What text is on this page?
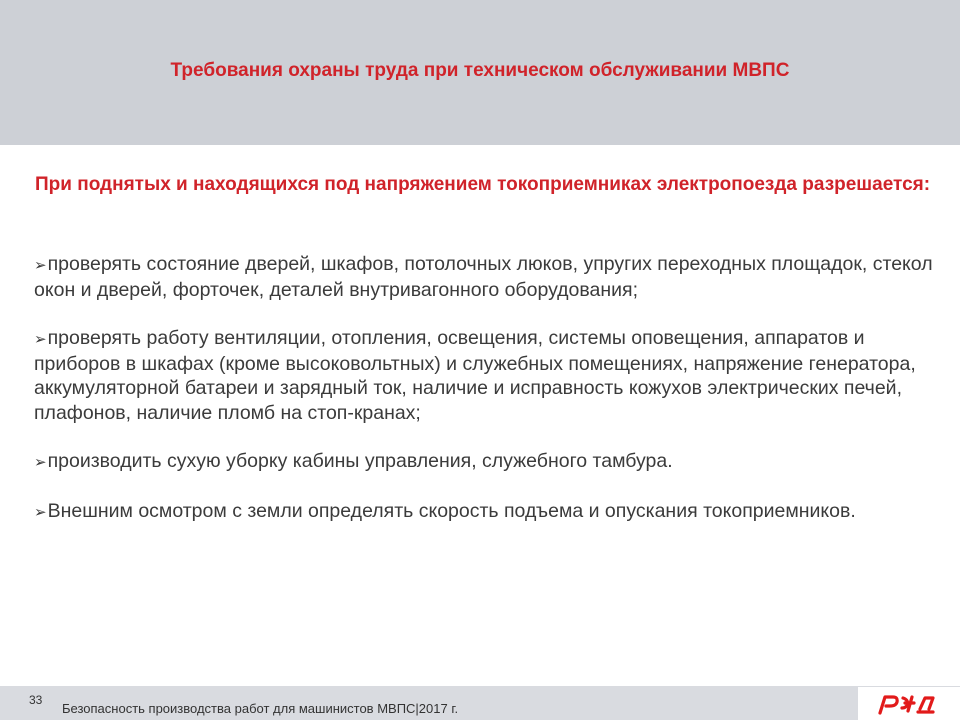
Требования охраны труда при техническом обслуживании МВПС
При поднятых и находящихся под напряжением токоприемниках электропоезда разрешается:
➢проверять состояние дверей, шкафов, потолочных люков, упругих переходных площадок, стекол окон и дверей, форточек, деталей внутривагонного оборудования;
➢проверять работу вентиляции, отопления, освещения, системы оповещения, аппаратов и приборов в шкафах (кроме высоковольтных) и служебных помещениях, напряжение генератора, аккумуляторной батареи и зарядный ток, наличие и исправность кожухов электрических печей, плафонов, наличие пломб на стоп-кранах;
➢производить сухую уборку кабины управления, служебного тамбура.
➢Внешним осмотром с земли определять скорость подъема и опускания токоприемников.
33
Безопасность производства работ для машинистов МВПС|2017 г.
